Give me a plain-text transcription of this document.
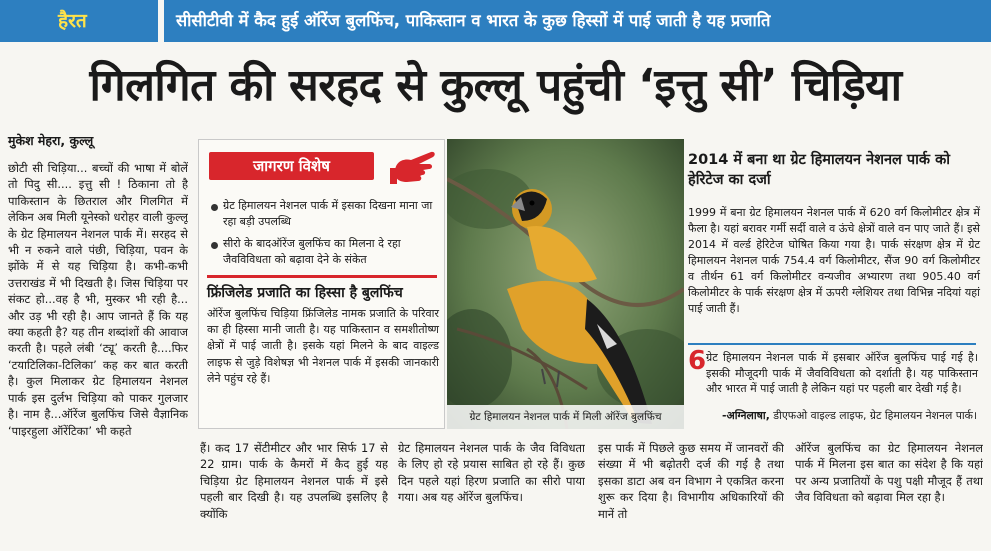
हैरत	सीसीटीवी में कैद हुई ऑरेंज बुलफिंच, पाकिस्तान व भारत के कुछ हिस्सों में पाई जाती है यह प्रजाति
गिलगित की सरहद से कुल्लू पहुंची ‘इत्तु सी’ चिड़िया
मुकेश मेहरा, कुल्लू
छोटी सी चिड़िया... बच्चों की भाषा में बोलें तो पिदु सी.... इत्तु सी ! ठिकाना तो है पाकिस्तान के छितराल और गिलगित में लेकिन अब मिली यूनेस्को धरोहर वाली कुल्लू के ग्रेट हिमालयन नेशनल पार्क में। सरहद से भी न रुकने वाले पंछी, चिड़िया, पवन के झोंके में से यह चिड़िया है। कभी-कभी उत्तराखंड में भी दिखती है। जिस चिड़िया पर संकट हो...वह है भी, मुस्कर भी रही है... और उड़ भी रही है। आप जानते हैं कि यह क्या कहती है? यह तीन शब्दांशों की आवाज करती है। पहले लंबी ‘ट्यू’ करती है....फिर ‘टयाटिलिका-टिलिका’ कह कर बात करती है। कुल मिलाकर ग्रेट हिमालयन नेशनल पार्क इस दुर्लभ चिड़िया को पाकर गुलजार है। नाम है...ऑरेंज बुलफिंच जिसे वैज्ञानिक ‘पाइरहुला ऑरेंटिका’ भी कहते
जागरण विशेष
ग्रेट हिमालयन नेशनल पार्क में इसका दिखना माना जा रहा बड़ी उपलब्धि
सीरो के बादऑरेंज बुलफिंच का मिलना दे रहा जैवविविधता को बढ़ावा देने के संकेत
फ्रिंजिलेड प्रजाति का हिस्सा है बुलफिंच
ऑरेंज बुलफिंच चिड़िया फ्रिंजिलेड नामक प्रजाति के परिवार का ही हिस्सा मानी जाती है। यह पाकिस्तान व समशीतोष्ण क्षेत्रों में पाई जाती है। इसके यहां मिलने के बाद वाइल्ड लाइफ से जुड़े विशेषज्ञ भी नेशनल पार्क में इसकी जानकारी लेने पहुंच रहे हैं।
ग्रेट हिमालयन नेशनल पार्क में मिली ऑरेंज बुलफिंच
2014 में बना था ग्रेट हिमालयन नेशनल पार्क को हेरिटेज का दर्जा
1999 में बना ग्रेट हिमालयन नेशनल पार्क में 620 वर्ग किलोमीटर क्षेत्र में फैला है। यहां बरावर गर्मी सर्दी वाले व ऊंचे क्षेत्रों वाले वन पाए जाते हैं। इसे 2014 में वर्ल्ड हेरिटेज घोषित किया गया है। पार्क संरक्षण क्षेत्र में ग्रेट हिमालयन नेशनल पार्क 754.4 वर्ग किलोमीटर, सैंज 90 वर्ग किलोमीटर व तीर्थन 61 वर्ग किलोमीटर वन्यजीव अभ्यारण तथा 905.40 वर्ग किलोमीटर के पार्क संरक्षण क्षेत्र में ऊपरी ग्लेशियर तथा विभिन्न नदियां यहां पाई जाती हैं।
6 ग्रेट हिमालयन नेशनल पार्क में इसबार ऑरेंज बुलफिंच पाई गई है। इसकी मौजूदगी पार्क में जैवविविधता को दर्शाती है। यह पाकिस्तान और भारत में पाई जाती है लेकिन यहां पर पहली बार देखी गई है।
-अग्निलाषा, डीएफओ वाइल्ड लाइफ, ग्रेट हिमालयन नेशनल पार्क।
हैं। कद 17 सेंटीमीटर और भार सिर्फ 17 से 22 ग्राम। पार्क के कैमरों में कैद हुई यह चिड़िया ग्रेट हिमालयन नेशनल पार्क में इसे पहली बार दिखी है। यह उपलब्धि इसलिए है क्योंकि
ग्रेट हिमालयन नेशनल पार्क के जैव विविधता के लिए हो रहे प्रयास साबित हो रहे हैं। कुछ दिन पहले यहां हिरण प्रजाति का सीरो पाया गया। अब यह ऑरेंज बुलफिंच।
इस पार्क में पिछले कुछ समय में जानवरों की संख्या में भी बढ़ोतरी दर्ज की गई है तथा इसका डाटा अब वन विभाग ने एकत्रित करना शुरू कर दिया है। विभागीय अधिकारियों की मानें तो
ऑरेंज बुलफिंच का ग्रेट हिमालयन नेशनल पार्क में मिलना इस बात का संदेश है कि यहां पर अन्य प्रजातियों के पशु पक्षी मौजूद हैं तथा जैव विविधता को बढ़ावा मिल रहा है।
